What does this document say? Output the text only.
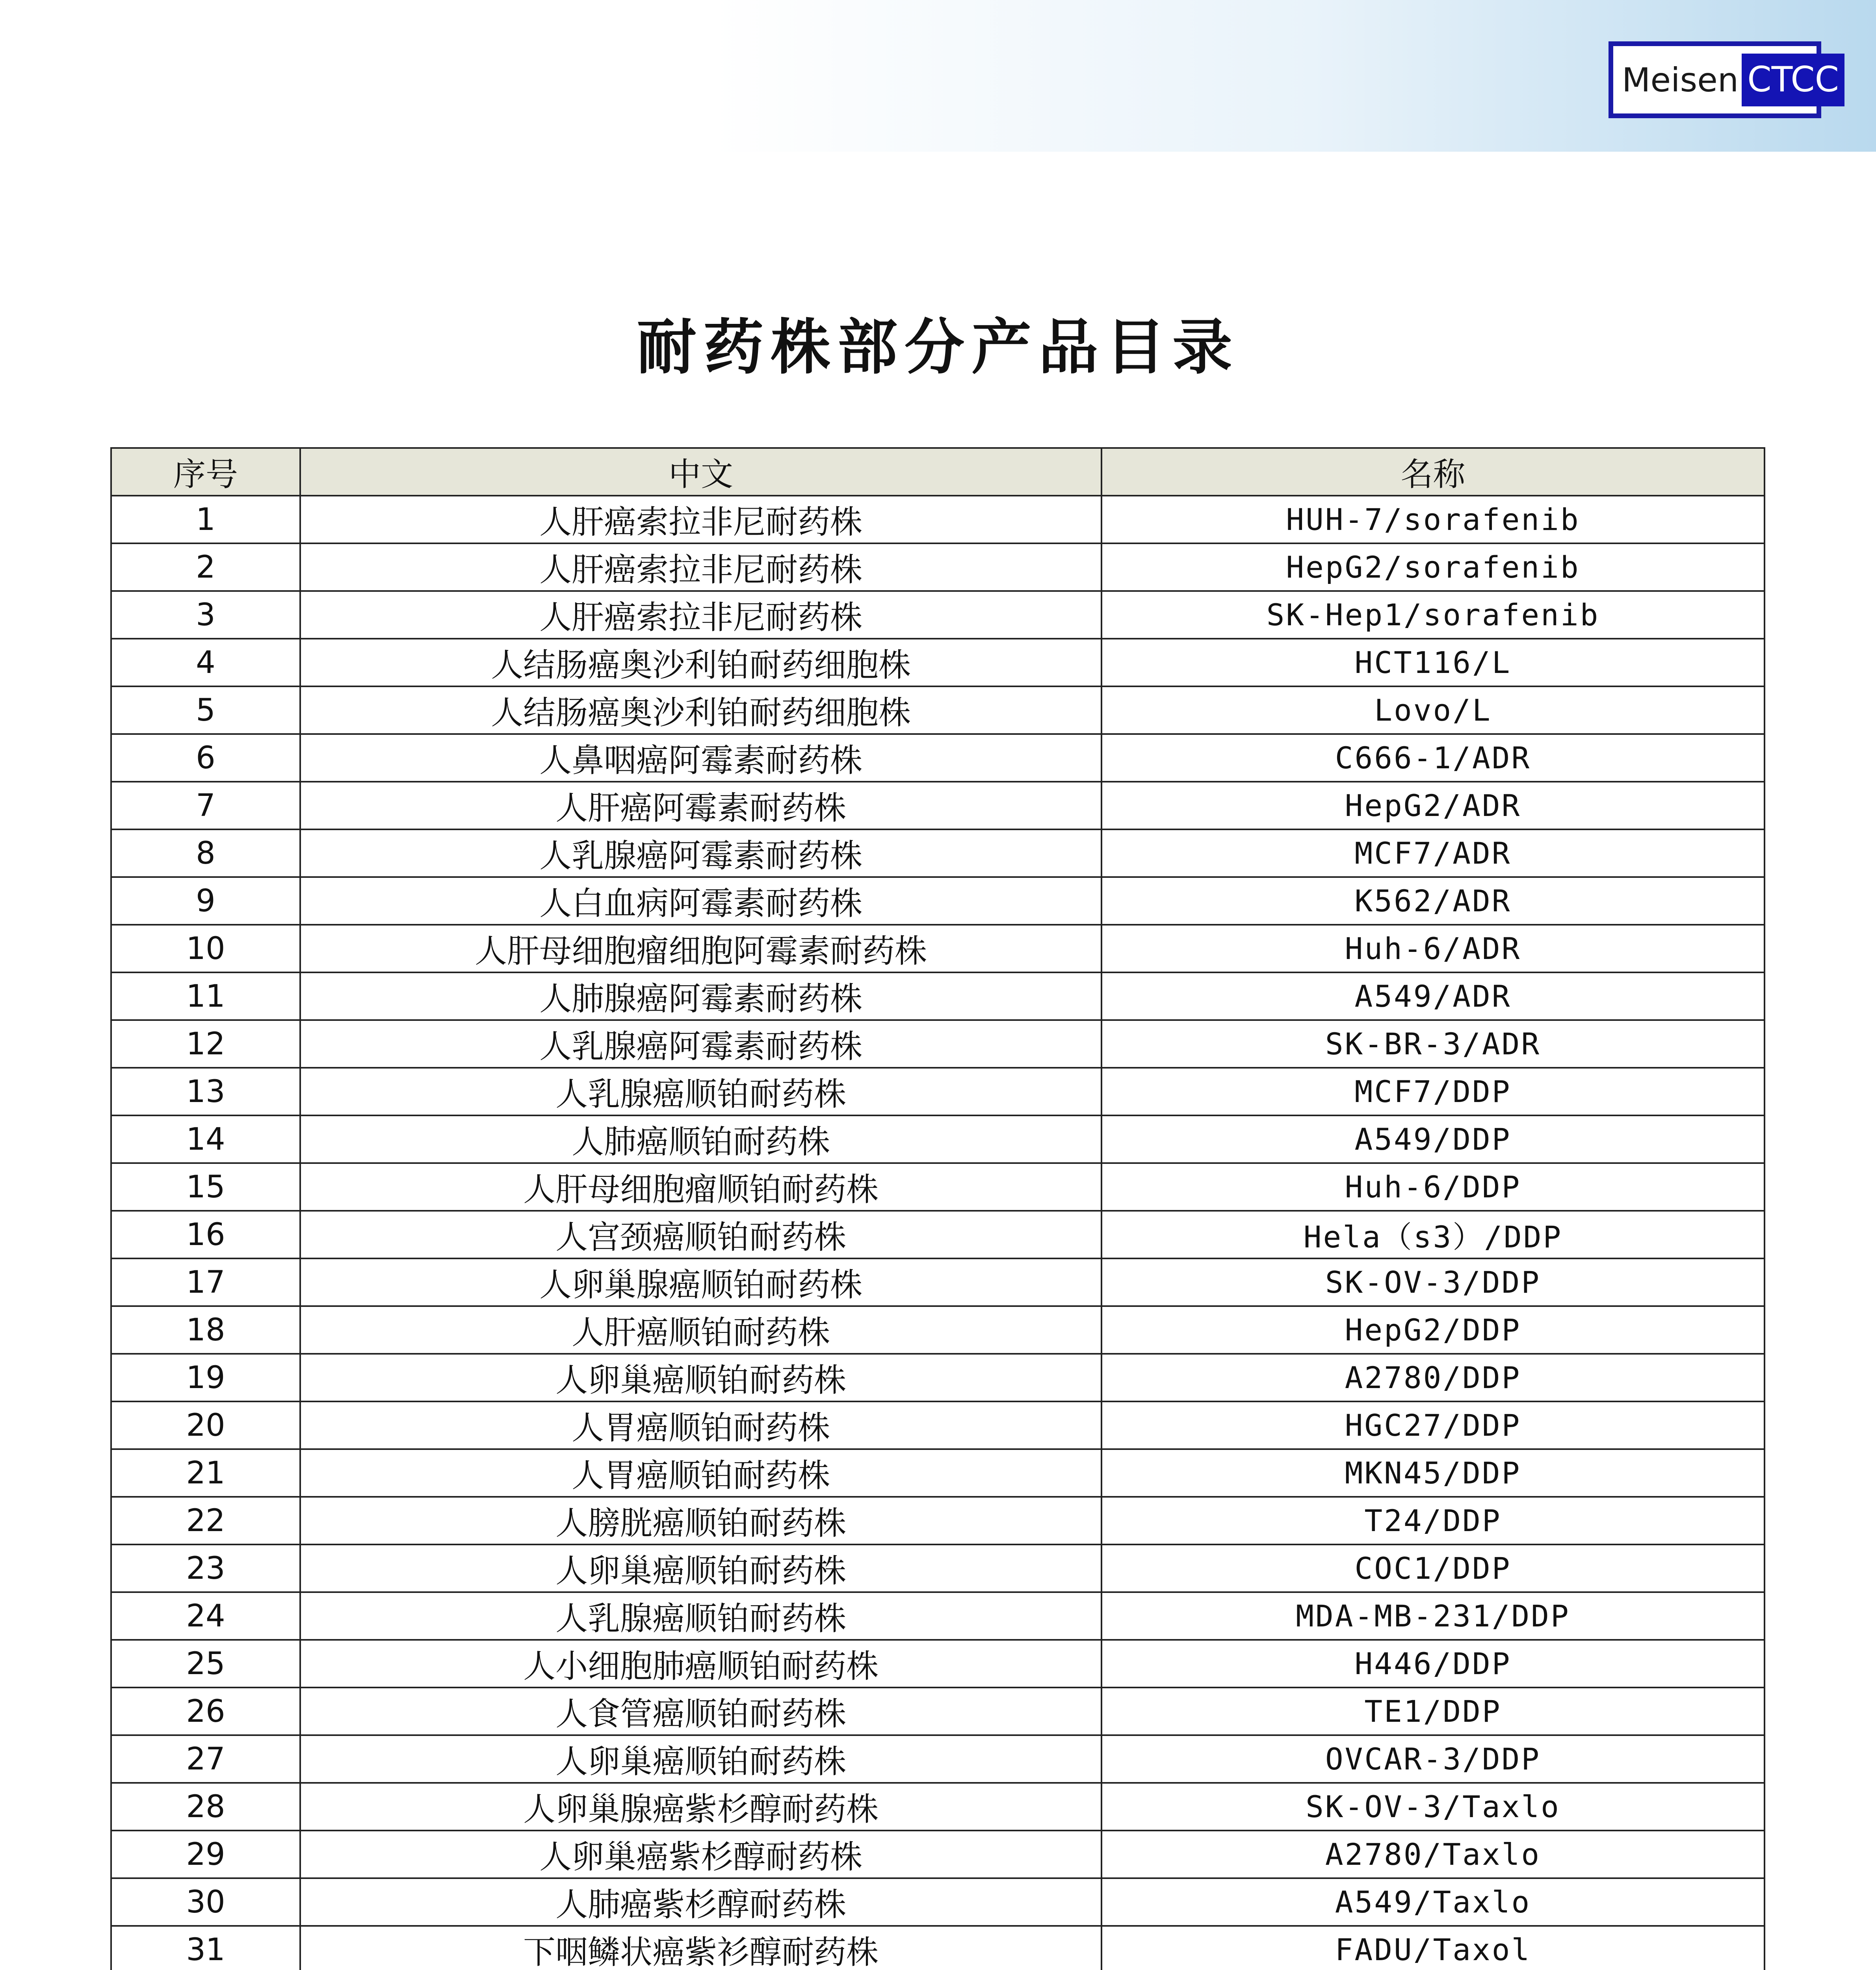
Meisen CTCC
耐药株部分产品目录
序号	中文	名称
1	人肝癌索拉非尼耐药株	HUH-7/sorafenib
2	人肝癌索拉非尼耐药株	HepG2/sorafenib
3	人肝癌索拉非尼耐药株	SK-Hep1/sorafenib
4	人结肠癌奥沙利铂耐药细胞株	HCT116/L
5	人结肠癌奥沙利铂耐药细胞株	Lovo/L
6	人鼻咽癌阿霉素耐药株	C666-1/ADR
7	人肝癌阿霉素耐药株	HepG2/ADR
8	人乳腺癌阿霉素耐药株	MCF7/ADR
9	人白血病阿霉素耐药株	K562/ADR
10	人肝母细胞瘤细胞阿霉素耐药株	Huh-6/ADR
11	人肺腺癌阿霉素耐药株	A549/ADR
12	人乳腺癌阿霉素耐药株	SK-BR-3/ADR
13	人乳腺癌顺铂耐药株	MCF7/DDP
14	人肺癌顺铂耐药株	A549/DDP
15	人肝母细胞瘤顺铂耐药株	Huh-6/DDP
16	人宫颈癌顺铂耐药株	Hela（s3）/DDP
17	人卵巢腺癌顺铂耐药株	SK-OV-3/DDP
18	人肝癌顺铂耐药株	HepG2/DDP
19	人卵巢癌顺铂耐药株	A2780/DDP
20	人胃癌顺铂耐药株	HGC27/DDP
21	人胃癌顺铂耐药株	MKN45/DDP
22	人膀胱癌顺铂耐药株	T24/DDP
23	人卵巢癌顺铂耐药株	COC1/DDP
24	人乳腺癌顺铂耐药株	MDA-MB-231/DDP
25	人小细胞肺癌顺铂耐药株	H446/DDP
26	人食管癌顺铂耐药株	TE1/DDP
27	人卵巢癌顺铂耐药株	OVCAR-3/DDP
28	人卵巢腺癌紫杉醇耐药株	SK-OV-3/Taxlo
29	人卵巢癌紫杉醇耐药株	A2780/Taxlo
30	人肺癌紫杉醇耐药株	A549/Taxlo
31	下咽鳞状癌紫衫醇耐药株	FADU/Taxol
